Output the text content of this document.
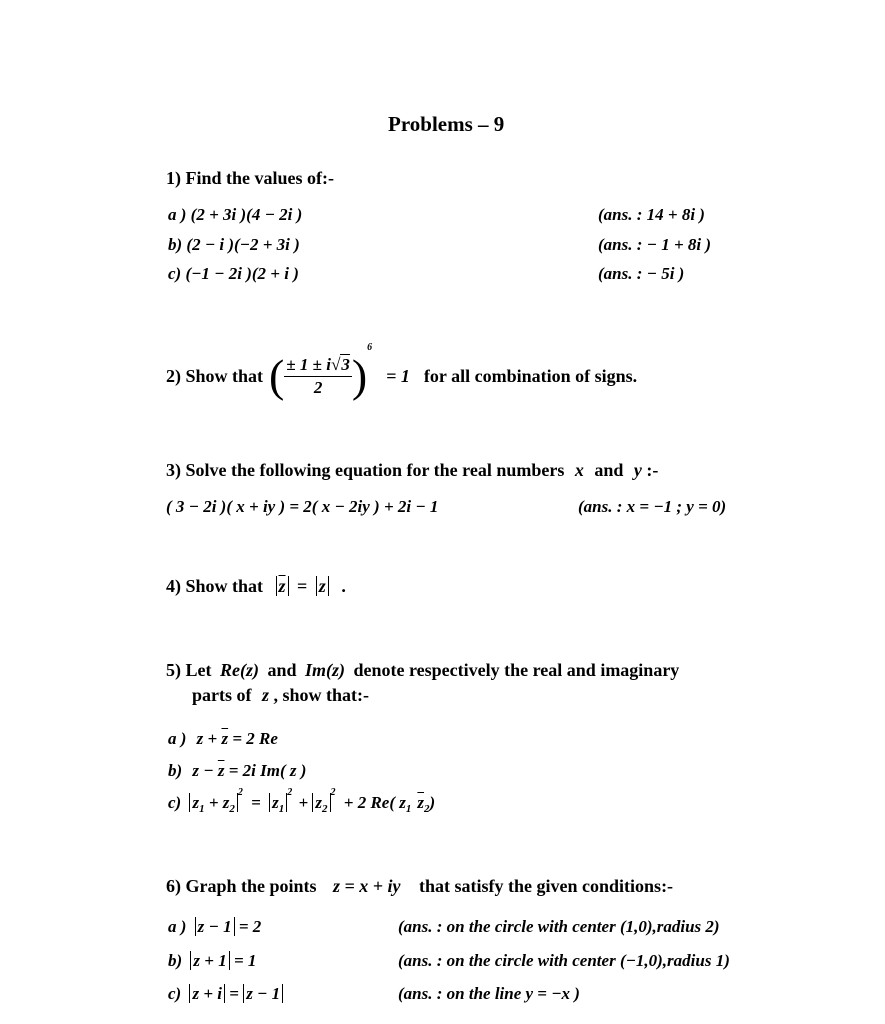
Problems – 9
1) Find the values of:-
a ) (2 + 3i )(4 − 2i )	(ans. : 14 + 8i )
b) (2 − i )(−2 + 3i )	(ans. : − 1 + 8i )
c) (−1 − 2i )(2 + i )	(ans. : − 5i )
2) Show that ( $\frac{\pm 1 \pm i√3}{2}$ )
6
= 1 for all combination of signs.
3) Solve the following equation for the real numbers x and y :-
( 3 − 2i )( x + iy ) = 2( x − 2iy ) + 2i − 1	(ans. : x = −1 ; y = 0)
4) Show that $\overline{z} = z$ .
5) Let Re(z) and Im(z) denote respectively the real and imaginary
parts of z , show that:-
a ) $z + \overline{z} = 2$ Re
b) $z - \overline{z} = 2i$ Im( z )
c) $z_1 + z_2^2 = z_1^2 + z_2^2 + 2$ Re( $z_1$ $\overline{z}_2$)
6) Graph the points z = x + iy that satisfy the given conditions:-
a ) z − 1 = 2	(ans. : on the circle with center (1,0),radius 2)
b) z + 1 = 1	(ans. : on the circle with center (−1,0),radius 1)
c) z + i = z − 1	(ans. : on the line y = −x )
